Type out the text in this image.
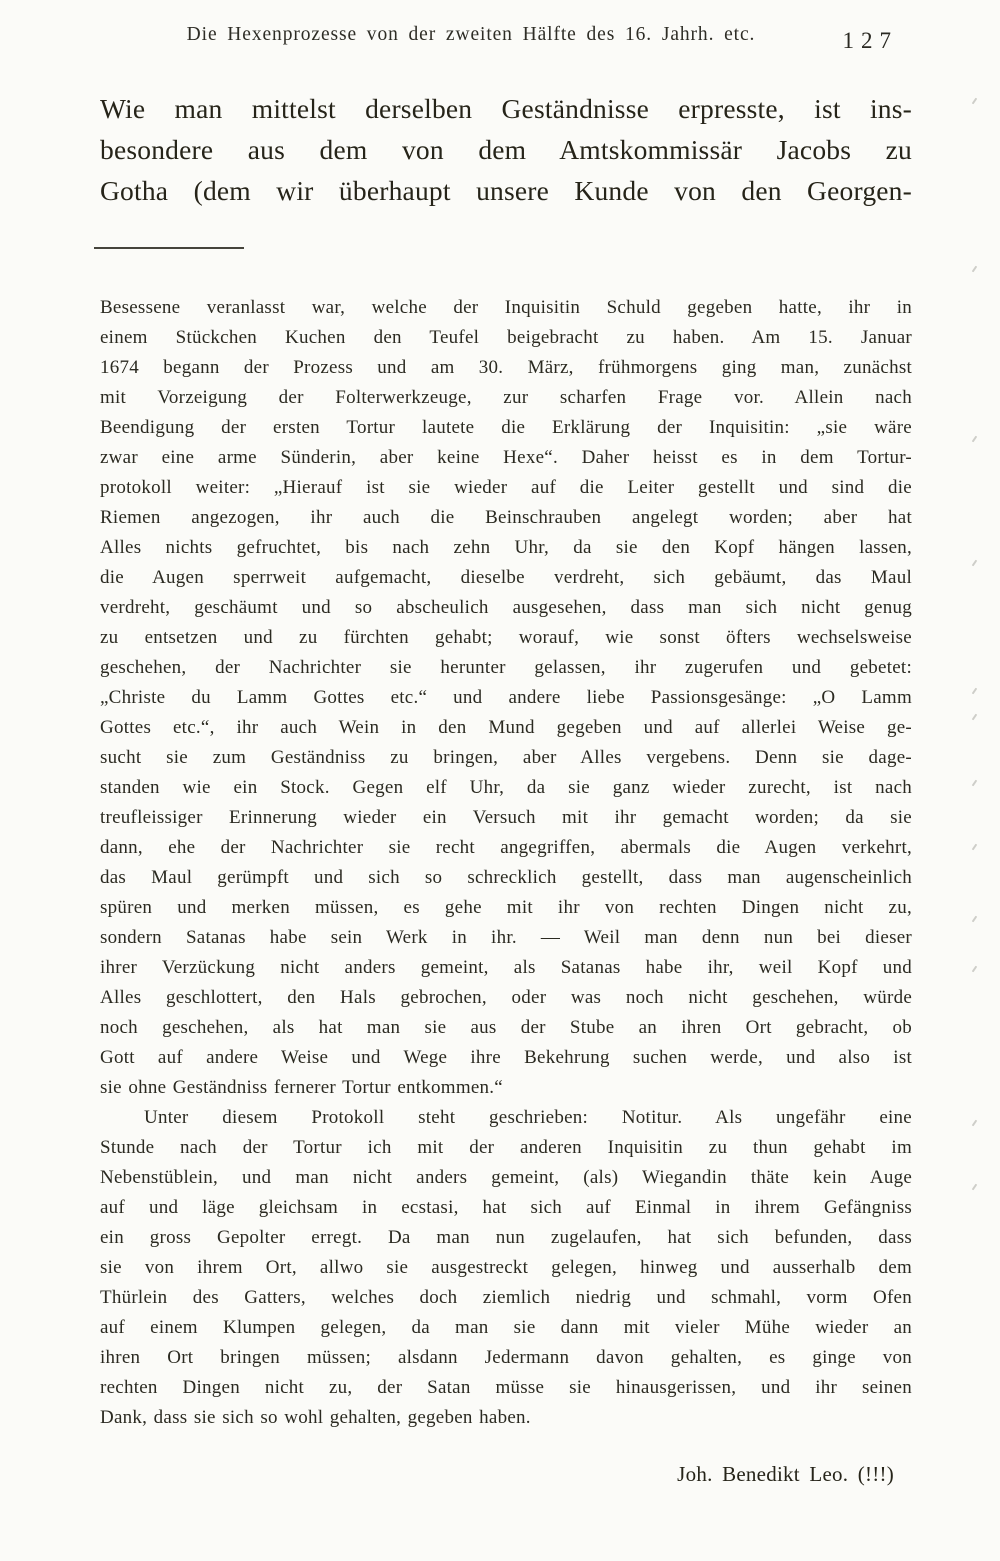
Die Hexenprozesse von der zweiten Hälfte des 16. Jahrh. etc.	127
Wie man mittelst derselben Geständnisse erpresste, ist ins-
besondere aus dem von dem Amtskommissär Jacobs zu
Gotha (dem wir überhaupt unsere Kunde von den Georgen-
Besessene veranlasst war, welche der Inquisitin Schuld gegeben hatte, ihr in
einem Stückchen Kuchen den Teufel beigebracht zu haben. Am 15. Januar
1674 begann der Prozess und am 30. März, frühmorgens ging man, zunächst
mit Vorzeigung der Folterwerkzeuge, zur scharfen Frage vor. Allein nach
Beendigung der ersten Tortur lautete die Erklärung der Inquisitin: „sie wäre
zwar eine arme Sünderin, aber keine Hexe“. Daher heisst es in dem Tortur-
protokoll weiter: „Hierauf ist sie wieder auf die Leiter gestellt und sind die
Riemen angezogen, ihr auch die Beinschrauben angelegt worden; aber hat
Alles nichts gefruchtet, bis nach zehn Uhr, da sie den Kopf hängen lassen,
die Augen sperrweit aufgemacht, dieselbe verdreht, sich gebäumt, das Maul
verdreht, geschäumt und so abscheulich ausgesehen, dass man sich nicht genug
zu entsetzen und zu fürchten gehabt; worauf, wie sonst öfters wechselsweise
geschehen, der Nachrichter sie herunter gelassen, ihr zugerufen und gebetet:
„Christe du Lamm Gottes etc.“ und andere liebe Passionsgesänge: „O Lamm
Gottes etc.“, ihr auch Wein in den Mund gegeben und auf allerlei Weise ge-
sucht sie zum Geständniss zu bringen, aber Alles vergebens. Denn sie dage-
standen wie ein Stock. Gegen elf Uhr, da sie ganz wieder zurecht, ist nach
treufleissiger Erinnerung wieder ein Versuch mit ihr gemacht worden; da sie
dann, ehe der Nachrichter sie recht angegriffen, abermals die Augen verkehrt,
das Maul gerümpft und sich so schrecklich gestellt, dass man augenscheinlich
spüren und merken müssen, es gehe mit ihr von rechten Dingen nicht zu,
sondern Satanas habe sein Werk in ihr. — Weil man denn nun bei dieser
ihrer Verzückung nicht anders gemeint, als Satanas habe ihr, weil Kopf und
Alles geschlottert, den Hals gebrochen, oder was noch nicht geschehen, würde
noch geschehen, als hat man sie aus der Stube an ihren Ort gebracht, ob
Gott auf andere Weise und Wege ihre Bekehrung suchen werde, und also ist
sie ohne Geständniss fernerer Tortur entkommen.“
Unter diesem Protokoll steht geschrieben: Notitur. Als ungefähr eine
Stunde nach der Tortur ich mit der anderen Inquisitin zu thun gehabt im
Nebenstüblein, und man nicht anders gemeint, (als) Wiegandin thäte kein Auge
auf und läge gleichsam in ecstasi, hat sich auf Einmal in ihrem Gefängniss
ein gross Gepolter erregt. Da man nun zugelaufen, hat sich befunden, dass
sie von ihrem Ort, allwo sie ausgestreckt gelegen, hinweg und ausserhalb dem
Thürlein des Gatters, welches doch ziemlich niedrig und schmahl, vorm Ofen
auf einem Klumpen gelegen, da man sie dann mit vieler Mühe wieder an
ihren Ort bringen müssen; alsdann Jedermann davon gehalten, es ginge von
rechten Dingen nicht zu, der Satan müsse sie hinausgerissen, und ihr seinen
Dank, dass sie sich so wohl gehalten, gegeben haben.
Joh. Benedikt Leo. (!!!)
